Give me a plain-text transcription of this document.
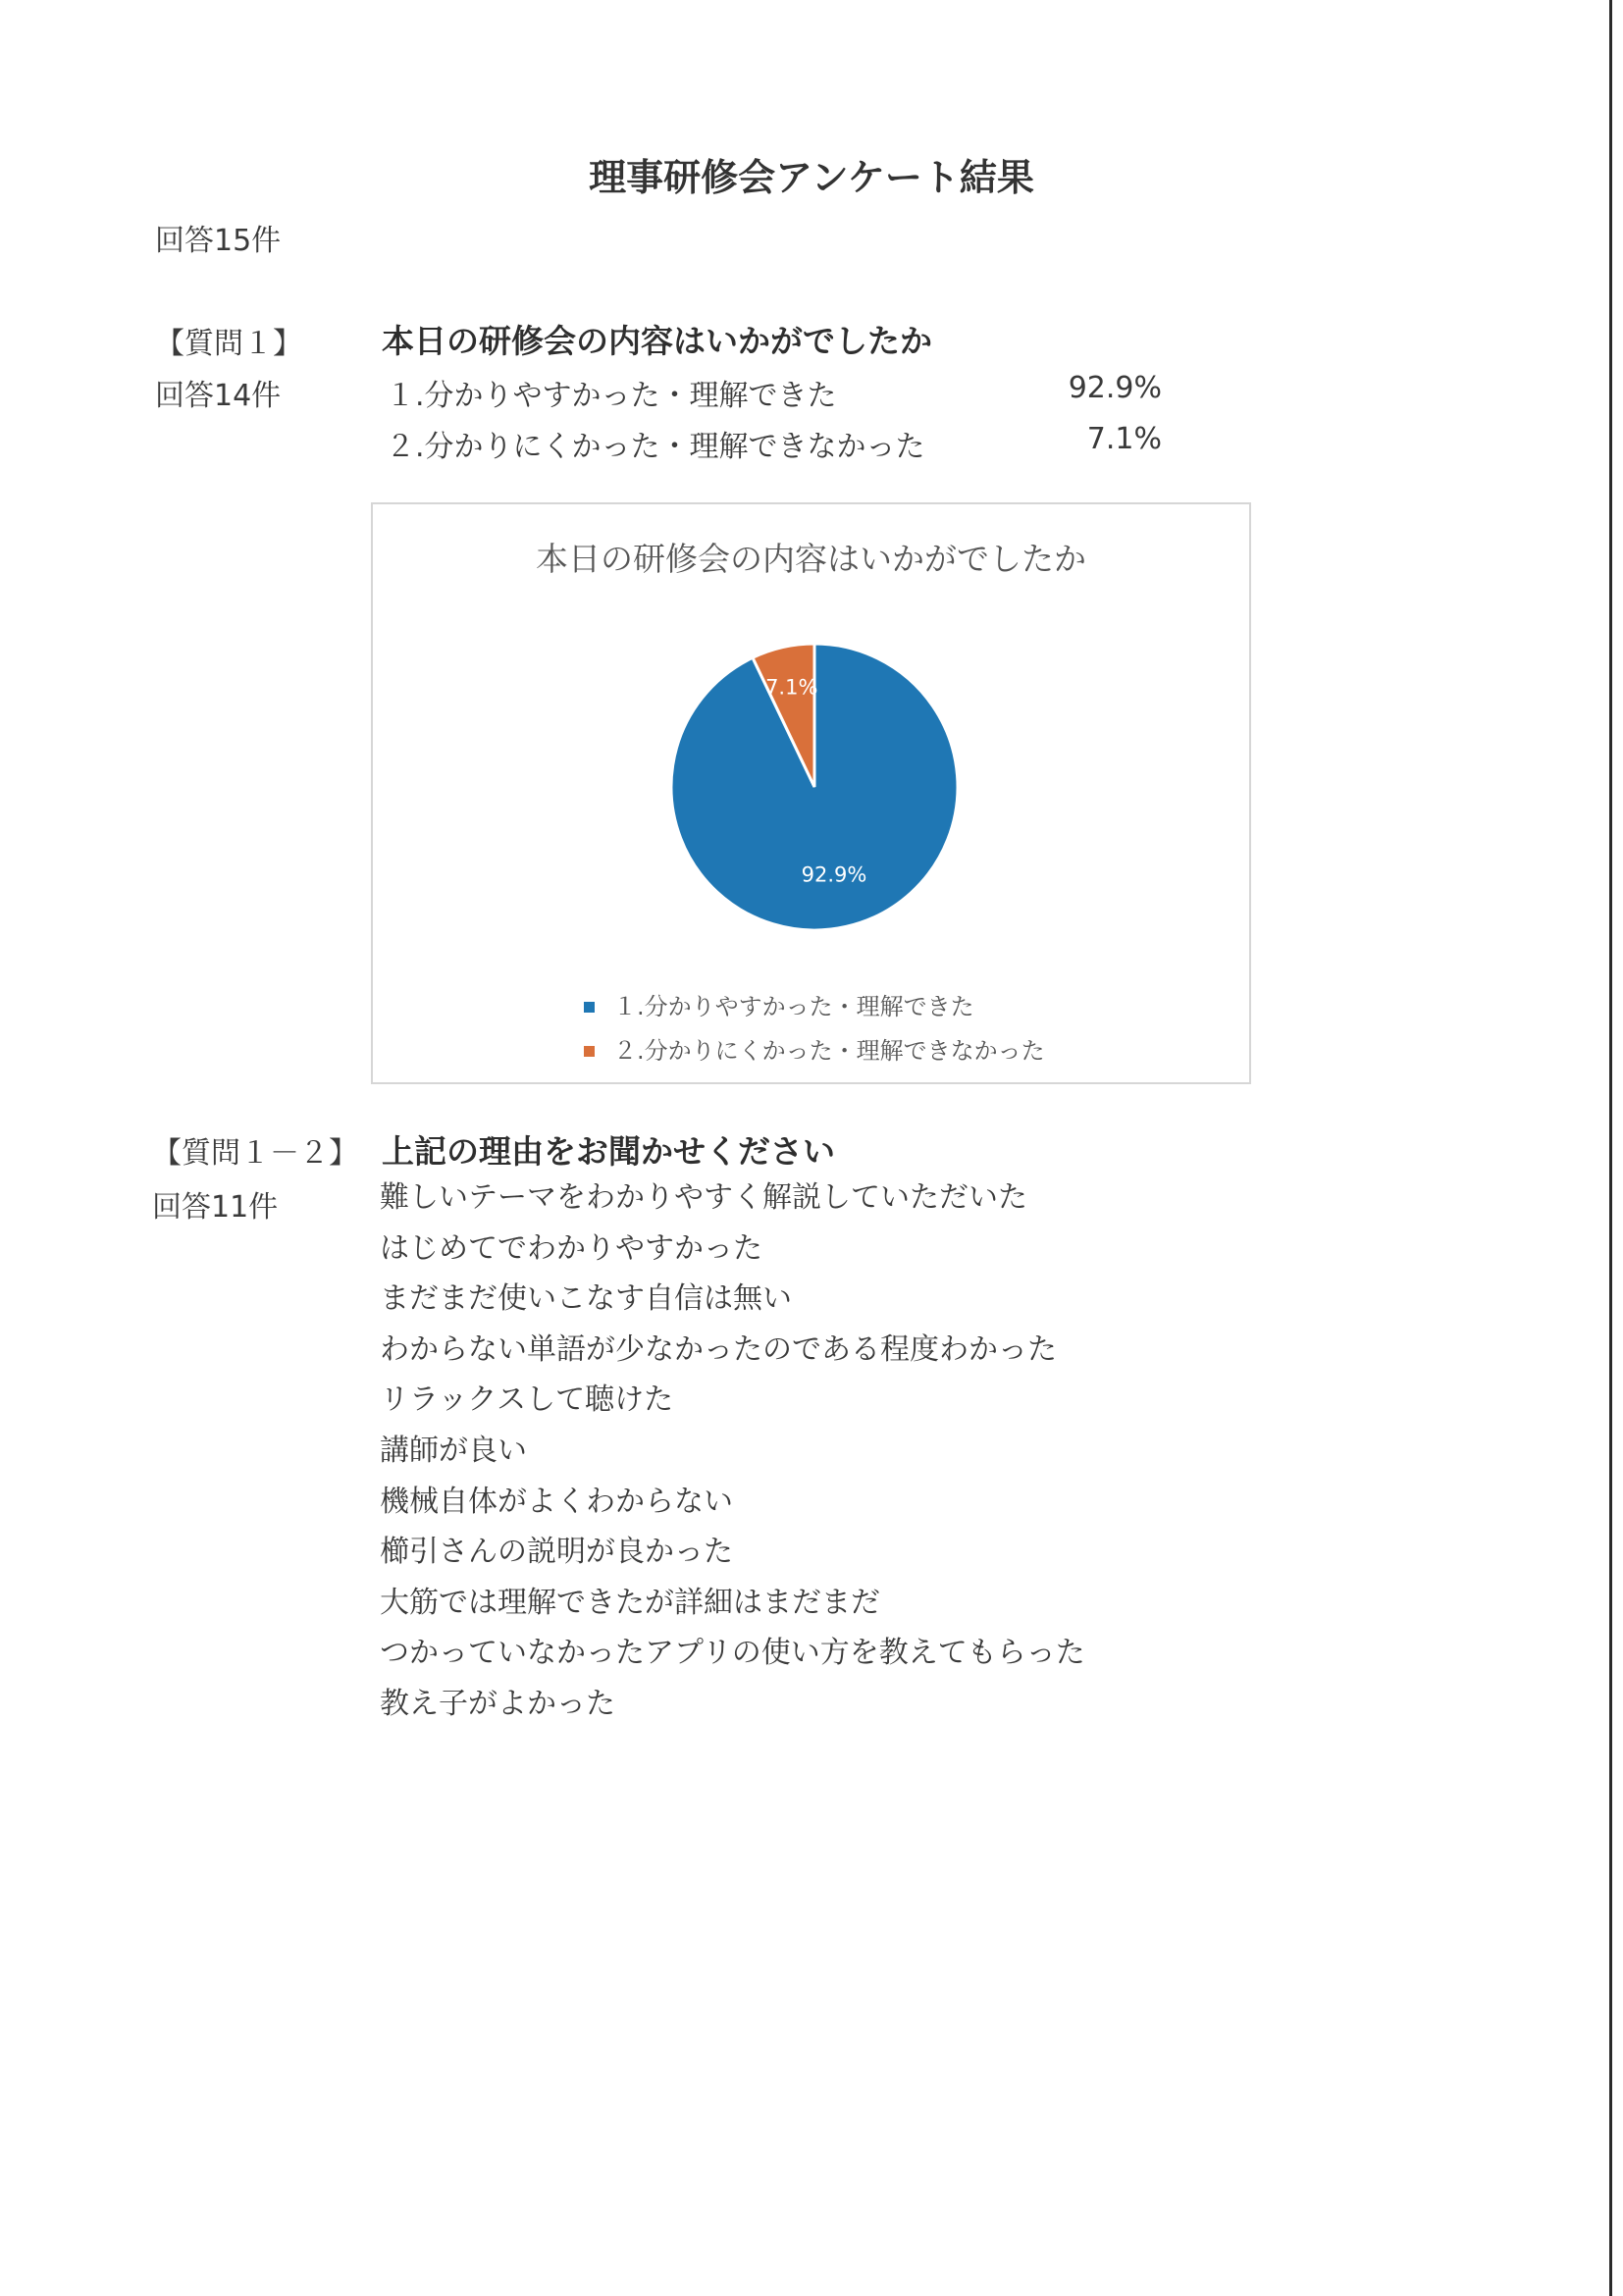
理事研修会アンケート結果
回答15件
【質問１】 本日の研修会の内容はいかがでしたか
回答14件	１.分かりやすかった・理解できた	92.9%
２.分かりにくかった・理解できなかった	7.1%
本日の研修会の内容はいかがでしたか
92.9%
7.1%
１.分かりやすかった・理解できた
２.分かりにくかった・理解できなかった
【質問１－２】 上記の理由をお聞かせください
回答11件	難しいテーマをわかりやすく解説していただいた
はじめてでわかりやすかった
まだまだ使いこなす自信は無い
わからない単語が少なかったのである程度わかった
リラックスして聴けた
講師が良い
機械自体がよくわからない
櫛引さんの説明が良かった
大筋では理解できたが詳細はまだまだ
つかっていなかったアプリの使い方を教えてもらった
教え子がよかった
